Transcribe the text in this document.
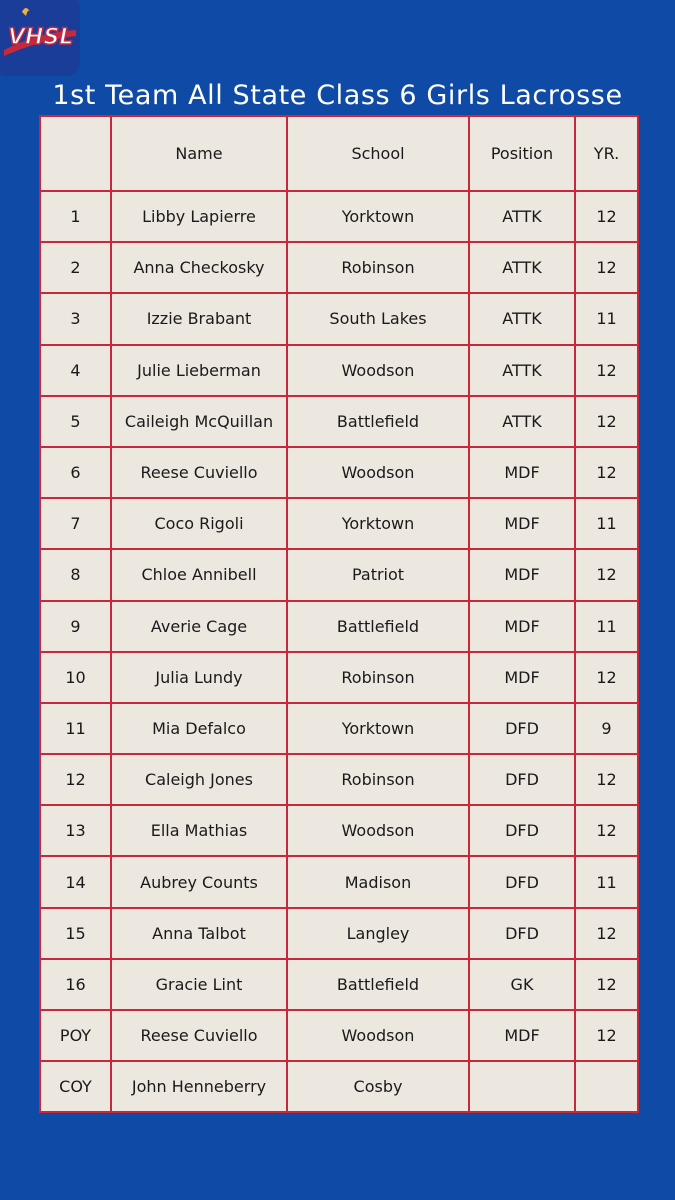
VHSL
1st Team All State Class 6 Girls Lacrosse
	Name	School	Position	YR.
1	Libby Lapierre	Yorktown	ATTK	12
2	Anna Checkosky	Robinson	ATTK	12
3	Izzie Brabant	South Lakes	ATTK	11
4	Julie Lieberman	Woodson	ATTK	12
5	Caileigh McQuillan	Battlefield	ATTK	12
6	Reese Cuviello	Woodson	MDF	12
7	Coco Rigoli	Yorktown	MDF	11
8	Chloe Annibell	Patriot	MDF	12
9	Averie Cage	Battlefield	MDF	11
10	Julia Lundy	Robinson	MDF	12
11	Mia Defalco	Yorktown	DFD	9
12	Caleigh Jones	Robinson	DFD	12
13	Ella Mathias	Woodson	DFD	12
14	Aubrey Counts	Madison	DFD	11
15	Anna Talbot	Langley	DFD	12
16	Gracie Lint	Battlefield	GK	12
POY	Reese Cuviello	Woodson	MDF	12
COY	John Henneberry	Cosby		
